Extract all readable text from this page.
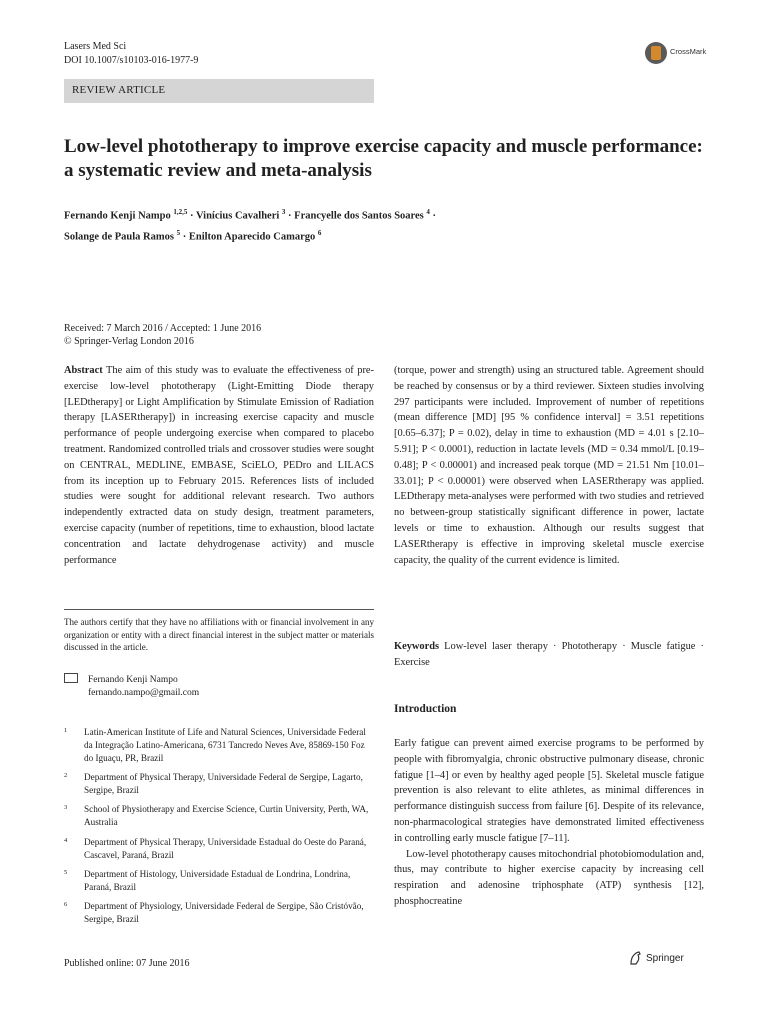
Lasers Med Sci
DOI 10.1007/s10103-016-1977-9
CrossMark
REVIEW ARTICLE
Low-level phototherapy to improve exercise capacity and muscle performance: a systematic review and meta-analysis
Fernando Kenji Nampo $^{1,2,5}$ · Vinícius Cavalheri $^3$ · Francyelle dos Santos Soares $^4$ ·
Solange de Paula Ramos $^5$ · Enilton Aparecido Camargo $^6$
Received: 7 March 2016 / Accepted: 1 June 2016
© Springer-Verlag London 2016

Abstract The aim of this study was to evaluate the effectiveness of pre-exercise low-level phototherapy (Light-Emitting Diode therapy [LEDtherapy] or Light Amplification by Stimulate Emission of Radiation therapy [LASERtherapy]) in increasing exercise capacity and muscle performance of people undergoing exercise when compared to placebo treatment. Randomized controlled trials and crossover studies were sought on CENTRAL, MEDLINE, EMBASE, SciELO, PEDro and LILACS from its inception up to February 2015. References lists of included studies were sought for additional relevant research. Two authors independently extracted data on study design, treatment parameters, exercise capacity (number of repetitions, time to exhaustion, blood lactate concentration and lactate dehydrogenase activity) and muscle performance

(torque, power and strength) using an structured table. Agreement should be reached by consensus or by a third reviewer. Sixteen studies involving 297 participants were included. Improvement of number of repetitions (mean difference [MD] [95 % confidence interval] = 3.51 repetitions [0.65–6.37]; P = 0.02), delay in time to exhaustion (MD = 4.01 s [2.10–5.91]; P < 0.0001), reduction in lactate levels (MD = 0.34 mmol/L [0.19–0.48]; P < 0.00001) and increased peak torque (MD = 21.51 Nm [10.01–33.01]; P < 0.00001) were observed when LASERtherapy was applied. LEDtherapy meta-analyses were performed with two studies and retrieved no between-group statistically significant difference in power, lactate levels or time to exhaustion. Although our results suggest that LASERtherapy is effective in improving skeletal muscle exercise capacity, the quality of the current evidence is limited.

Keywords Low-level laser therapy · Phototherapy · Muscle fatigue · Exercise

The authors certify that they have no affiliations with or financial involvement in any organization or entity with a direct financial interest in the subject matter or materials discussed in the article.
Fernando Kenji Nampo
fernando.nampo@gmail.com
1 Latin-American Institute of Life and Natural Sciences, Universidade Federal da Integração Latino-Americana, 6731 Tancredo Neves Ave, 85869-150 Foz do Iguaçu, PR, Brazil
2 Department of Physical Therapy, Universidade Federal de Sergipe, Lagarto, Sergipe, Brazil
3 School of Physiotherapy and Exercise Science, Curtin University, Perth, WA, Australia
4 Department of Physical Therapy, Universidade Estadual do Oeste do Paraná, Cascavel, Paraná, Brazil
5 Department of Histology, Universidade Estadual de Londrina, Londrina, Paraná, Brazil
6 Department of Physiology, Universidade Federal de Sergipe, São Cristóvão, Sergipe, Brazil
Introduction

Early fatigue can prevent aimed exercise programs to be performed by people with fibromyalgia, chronic obstructive pulmonary disease, chronic fatigue [1–4] or even by healthy aged people [5]. Skeletal muscle fatigue prevention is also relevant to elite athletes, as minimal differences in performance distinguish success from failure [6]. Despite of its relevance, non-pharmacological strategies have demonstrated limited effectiveness in controlling early muscle fatigue [7–11].

Low-level phototherapy causes mitochondrial photobiomodulation and, thus, may contribute to higher exercise capacity by increasing cell respiration and adenosine triphosphate (ATP) synthesis [12], phosphocreatine

Published online: 07 June 2016	Springer
